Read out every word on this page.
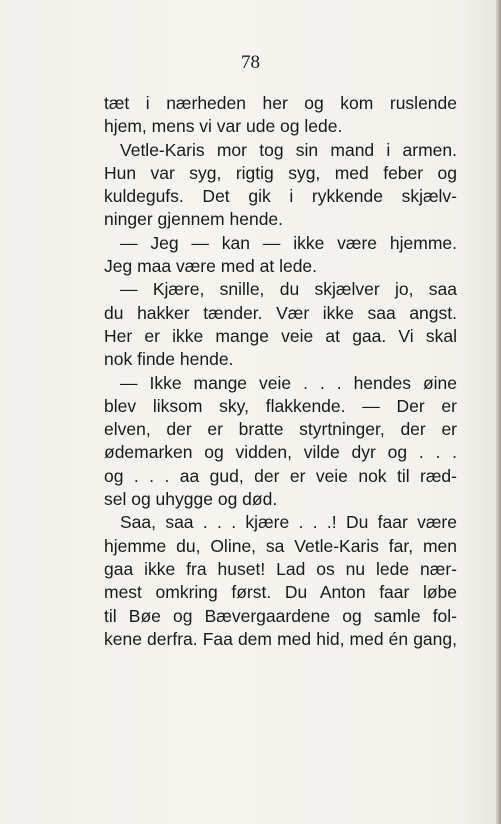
78
tæt i nærheden her og kom ruslende
hjem, mens vi var ude og lede.
Vetle-Karis mor tog sin mand i armen.
Hun var syg, rigtig syg, med feber og
kuldegufs. Det gik i rykkende skjælv-
ninger gjennem hende.
— Jeg — kan — ikke være hjemme.
Jeg maa være med at lede.
— Kjære, snille, du skjælver jo, saa
du hakker tænder. Vær ikke saa angst.
Her er ikke mange veie at gaa. Vi skal
nok finde hende.
— Ikke mange veie . . . hendes øine
blev liksom sky, flakkende. — Der er
elven, der er bratte styrtninger, der er
ødemarken og vidden, vilde dyr og . . .
og . . . aa gud, der er veie nok til ræd-
sel og uhygge og død.
Saa, saa . . . kjære . . .! Du faar være
hjemme du, Oline, sa Vetle-Karis far, men
gaa ikke fra huset! Lad os nu lede nær-
mest omkring først. Du Anton faar løbe
til Bøe og Bævergaardene og samle fol-
kene derfra. Faa dem med hid, med én gang,
